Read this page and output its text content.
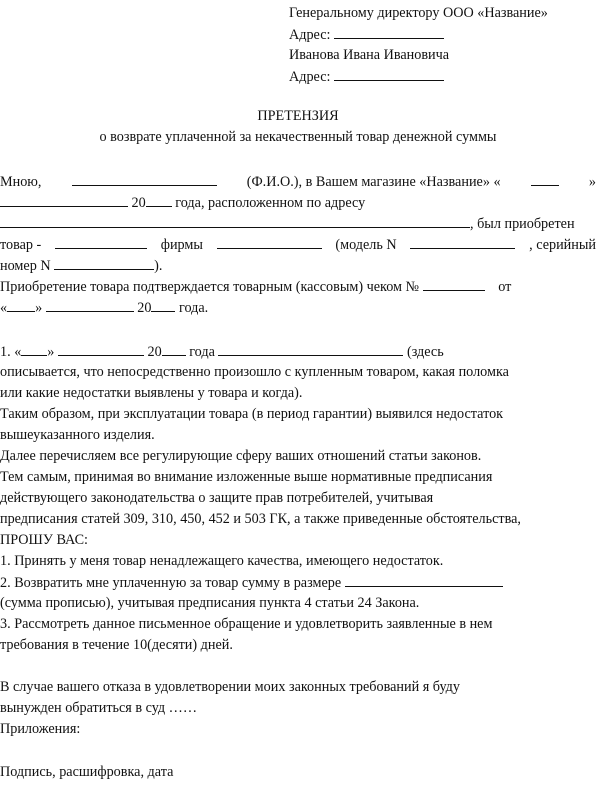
Генеральному директору ООО «Название»
Адрес:
Иванова Ивана Ивановича
Адрес:
ПРЕТЕНЗИЯ
о возврате уплаченной за некачественный товар денежной суммы
Мною,	(Ф.И.О.), в Вашем магазине «Название» «	»
20 года, расположенном по адресу
, был приобретен
товар -	фирмы	(модель N	, серийный
номер N	).
Приобретение товара подтверждается товарным (кассовым) чеком №	от
« »	20 года.
1. « »	20 года	(здесь
описывается, что непосредственно произошло с купленным товаром, какая поломка
или какие недостатки выявлены у товара и когда).
Таким образом, при эксплуатации товара (в период гарантии) выявился недостаток
вышеуказанного изделия.
Далее перечисляем все регулирующие сферу ваших отношений статьи законов.
Тем самым, принимая во внимание изложенные выше нормативные предписания
действующего законодательства о защите прав потребителей, учитывая
предписания статей 309, 310, 450, 452 и 503 ГК, а также приведенные обстоятельства,
ПРОШУ ВАС:
1. Принять у меня товар ненадлежащего качества, имеющего недостаток.
2. Возвратить мне уплаченную за товар сумму в размере
(сумма прописью), учитывая предписания пункта 4 статьи 24 Закона.
3. Рассмотреть данное письменное обращение и удовлетворить заявленные в нем
требования в течение 10(десяти) дней.
В случае вашего отказа в удовлетворении моих законных требований я буду
вынужден обратиться в суд ……
Приложения:
Подпись, расшифровка, дата
